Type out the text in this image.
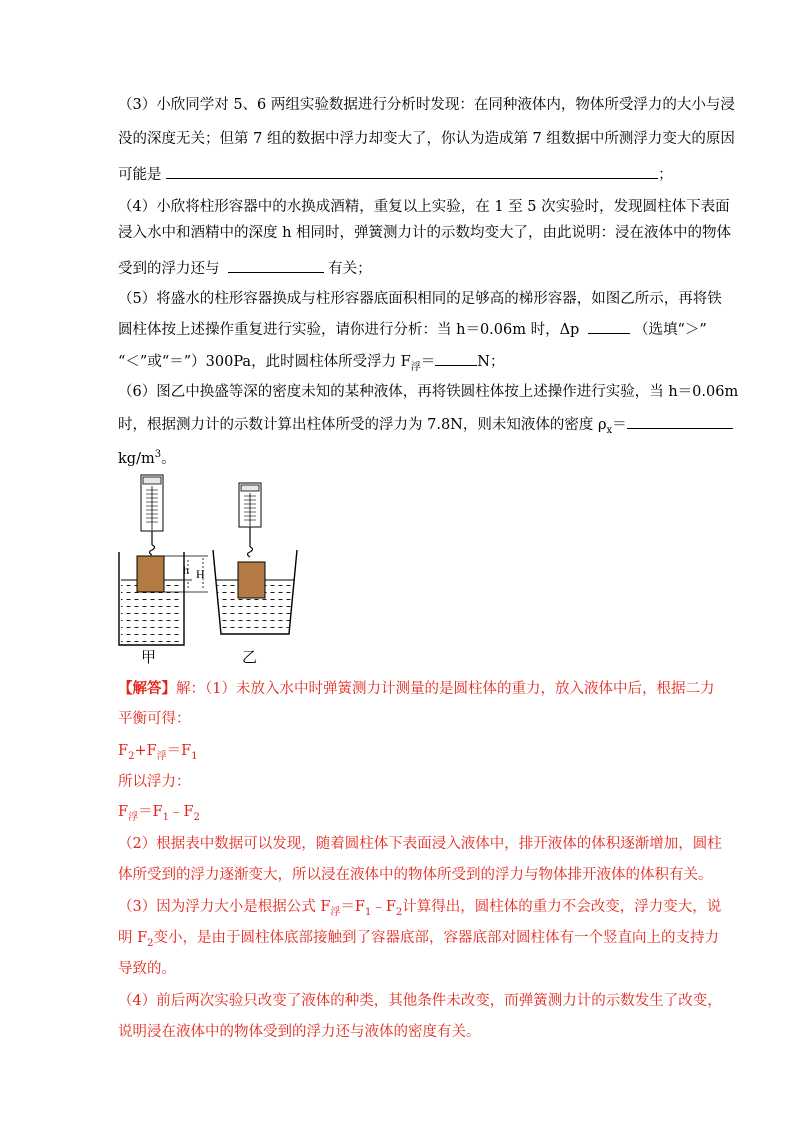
（3）小欣同学对 5、6 两组实验数据进行分析时发现：在同种液体内，物体所受浮力的大小与浸
没的深度无关；但第 7 组的数据中浮力却变大了，你认为造成第 7 组数据中所测浮力变大的原因
可能是	；
（4）小欣将柱形容器中的水换成酒精，重复以上实验，在 1 至 5 次实验时，发现圆柱体下表面
浸入水中和酒精中的深度 h 相同时，弹簧测力计的示数均变大了，由此说明：浸在液体中的物体
受到的浮力还与	有关；
（5）将盛水的柱形容器换成与柱形容器底面积相同的足够高的梯形容器，如图乙所示，再将铁
圆柱体按上述操作重复进行实验，请你进行分析：当 h＝0.06m 时，Δp	（选填“＞”
“＜”或“＝”）300Pa，此时圆柱体所受浮力 $F_浮=$	N；
（6）图乙中换盛等深的密度未知的某种液体，再将铁圆柱体按上述操作进行实验，当 h＝0.06m
时，根据测力计的示数计算出柱体所受的浮力为 7.8N，则未知液体的密度 $\rho_x=$
$kg/m^3$。
h H
甲	乙
【解答】解：（1）未放入水中时弹簧测力计测量的是圆柱体的重力，放入液体中后，根据二力
平衡可得：
$F_2+F_浮=F_1$
所以浮力：
$F_浮=F_1﹣F_2$
（2）根据表中数据可以发现，随着圆柱体下表面浸入液体中，排开液体的体积逐渐增加，圆柱
体所受到的浮力逐渐变大，所以浸在液体中的物体所受到的浮力与物体排开液体的体积有关。
（3）因为浮力大小是根据公式 $F_浮=F_1﹣F_2$计算得出，圆柱体的重力不会改变，浮力变大，说
明 $F_2$变小，是由于圆柱体底部接触到了容器底部，容器底部对圆柱体有一个竖直向上的支持力
导致的。
（4）前后两次实验只改变了液体的种类，其他条件未改变，而弹簧测力计的示数发生了改变，
说明浸在液体中的物体受到的浮力还与液体的密度有关。
